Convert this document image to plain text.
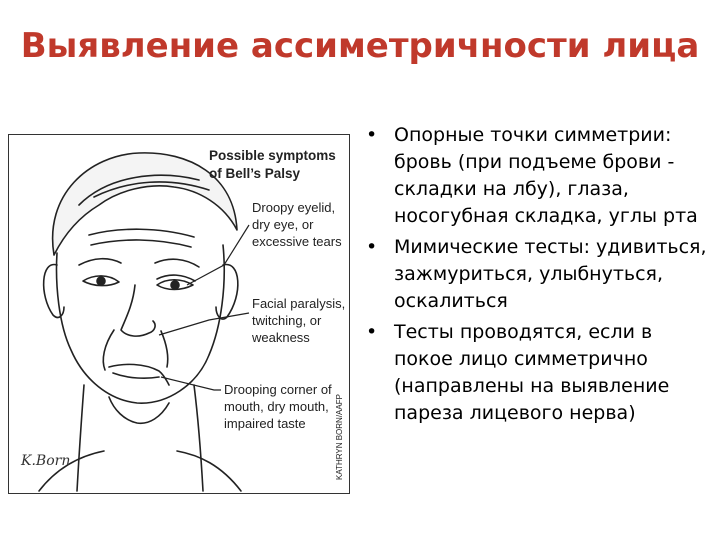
Выявление ассиметричности лица
Possible symptoms of Bell’s Palsy
Droopy eyelid,
dry eye, or
excessive tears
Facial paralysis,
twitching, or
weakness
Drooping corner of
mouth, dry mouth,
impaired taste	KATHRYN BORN/AAFP
K.Born
• Опорные точки симметрии: бровь (при подъеме брови - складки на лбу), глаза, носогубная складка, углы рта
• Мимические тесты: удивиться, зажмуриться, улыбнуться, оскалиться
• Тесты проводятся, если в покое лицо симметрично (направлены на выявление пареза лицевого нерва)
